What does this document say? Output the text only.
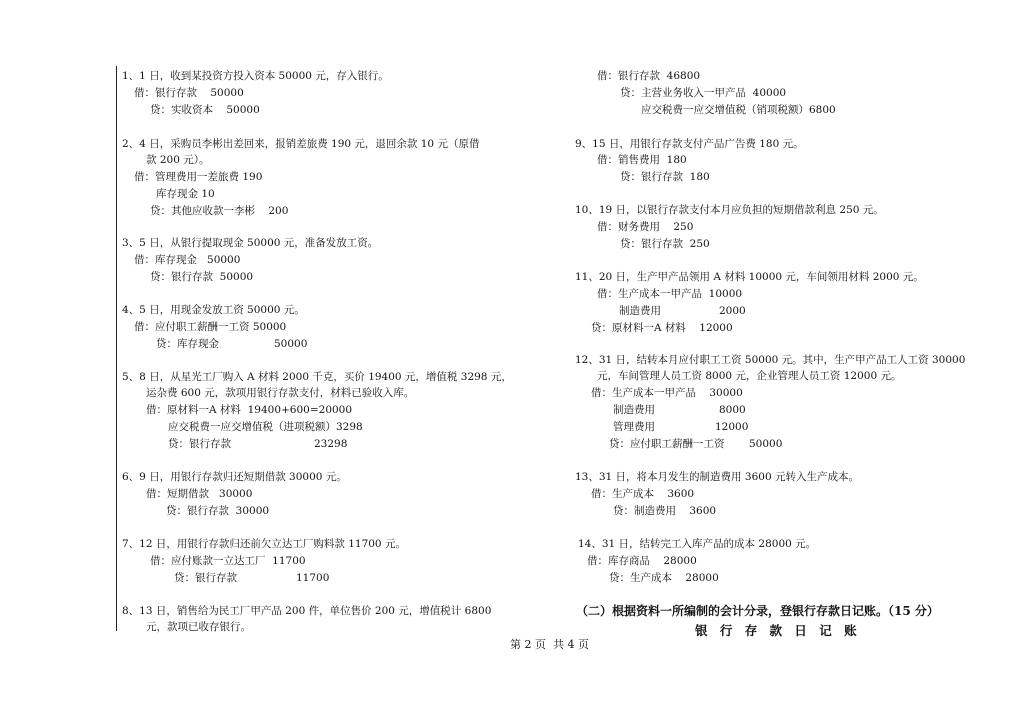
1、1 日，收到某投资方投入资本 50000 元，存入银行。
借：银行存款    50000
贷：实收资本    50000
2、4 日，采购员李彬出差回来，报销差旅费 190 元，退回余款 10 元（原借
款 200 元）。
借：管理费用一差旅费 190
库存现金 10
贷：其他应收款一李彬    200
3、5 日，从银行提取现金 50000 元，准备发放工资。
借：库存现金   50000
贷：银行存款  50000
4、5 日，用现金发放工资 50000 元。
借：应付职工薪酬一工资 50000
贷：库存现金	50000
5、8 日，从星光工厂购入 A 材料 2000 千克，买价 19400 元，增值税 3298 元，
运杂费 600 元，款项用银行存款支付，材料已验收入库。
借：原材料一A 材料  19400+600=20000
应交税费一应交增值税（进项税额）3298
贷：银行存款	23298
6、9 日，用银行存款归还短期借款 30000 元。
借：短期借款   30000
贷：银行存款  30000
7、12 日，用银行存款归还前欠立达工厂购料款 11700 元。
借：应付账款一立达工厂  11700
贷：银行存款	11700
8、13 日，销售给为民工厂甲产品 200 件，单位售价 200 元，增值税计 6800
元，款项已收存银行。
借：银行存款  46800
贷：主营业务收入一甲产品  40000
应交税费一应交增值税（销项税额）6800
9、15 日，用银行存款支付产品广告费 180 元。
借：销售费用  180
贷：银行存款  180
10、19 日，以银行存款支付本月应负担的短期借款利息 250 元。
借：财务费用    250
贷：银行存款  250
11、20 日，生产甲产品领用 A 材料 10000 元，车间领用材料 2000 元。
借：生产成本一甲产品  10000
制造费用	2000
贷：原材料一A 材料    12000
12、31 日，结转本月应付职工工资 50000 元。其中，生产甲产品工人工资 30000
元，车间管理人员工资 8000 元，企业管理人员工资 12000 元。
借：生产成本一甲产品    30000
制造费用	8000
管理费用	12000
贷：应付职工薪酬一工资 50000
13、31 日，将本月发生的制造费用 3600 元转入生产成本。
借：生产成本    3600
贷：制造费用    3600
14、31 日，结转完工入库产品的成本 28000 元。
借：库存商品    28000
贷：生产成本    28000
（二）根据资料一所编制的会计分录，登银行存款日记账。（15 分）
银 行 存 款 日 记 账
第 2 页  共 4 页
